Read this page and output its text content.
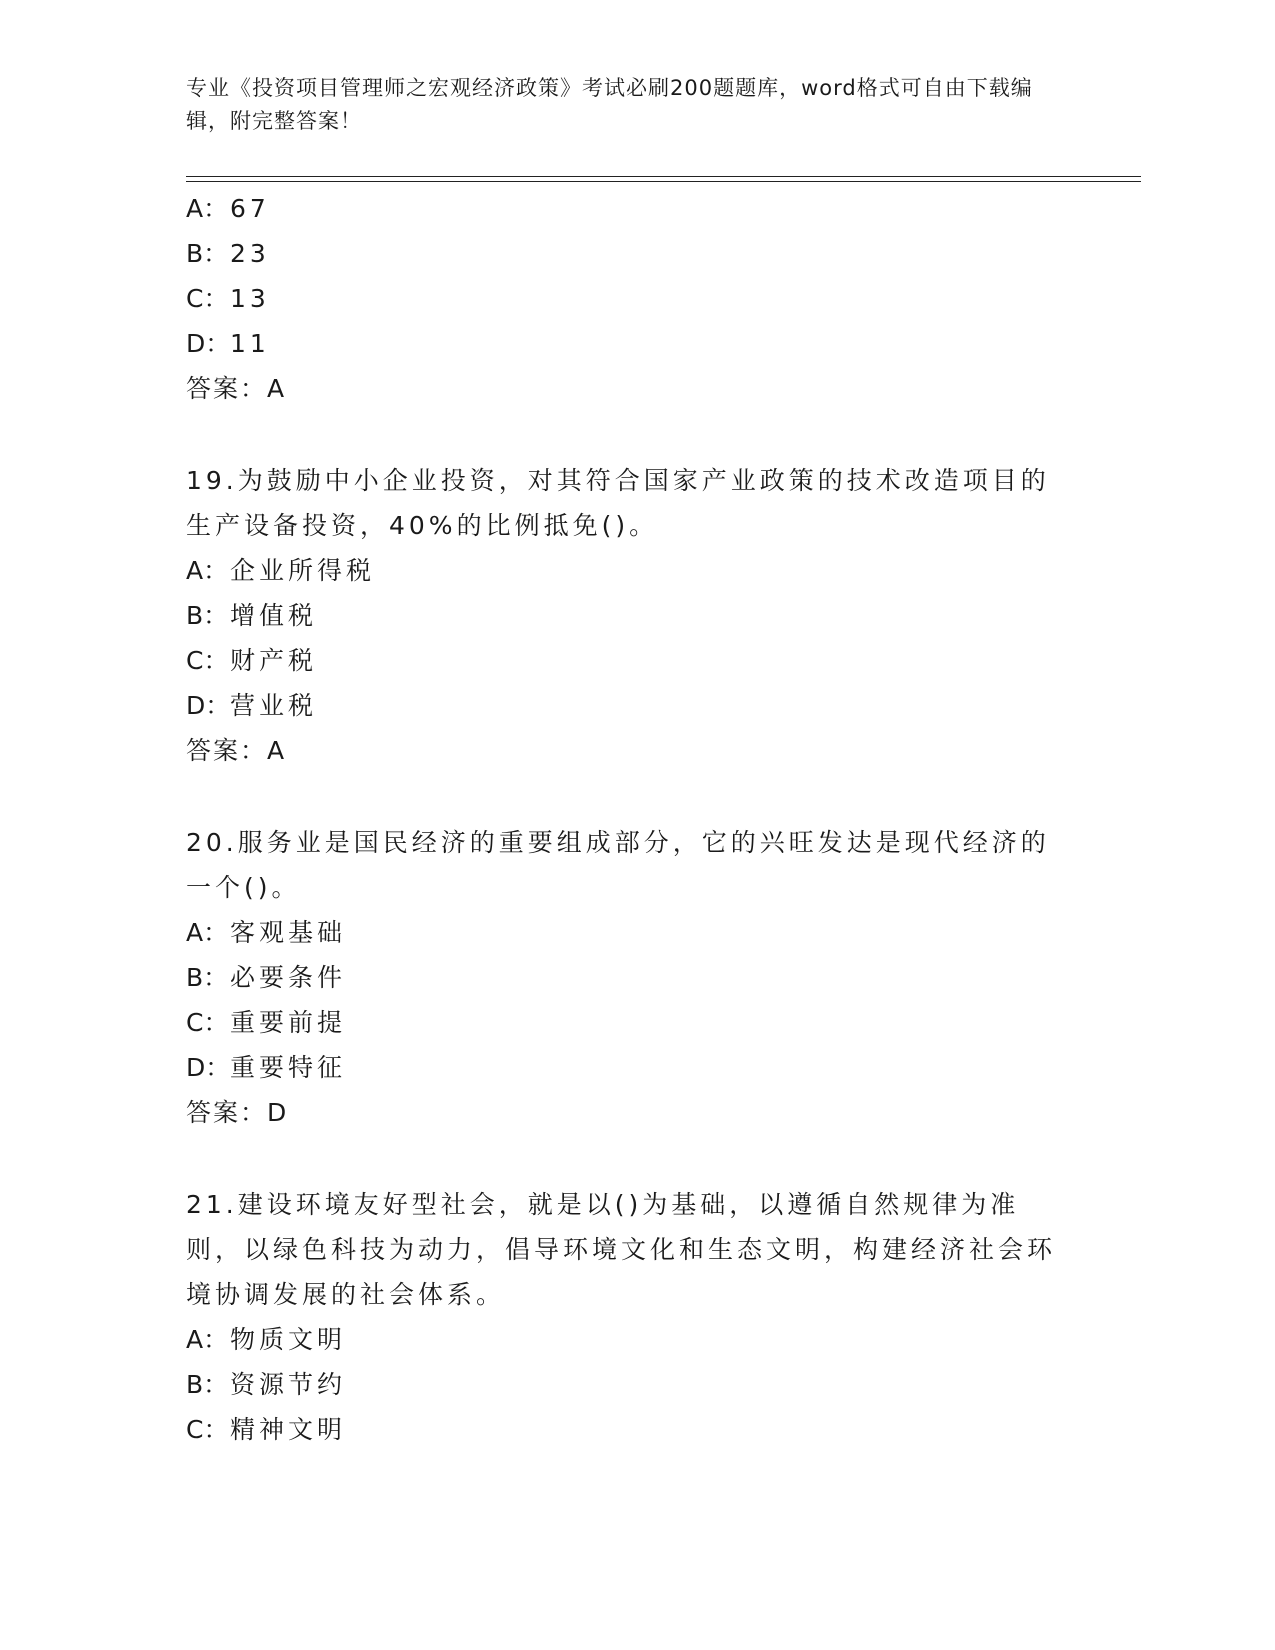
专业《投资项目管理师之宏观经济政策》考试必刷200题题库，word格式可自由下载编辑，附完整答案！
A：67
B：23
C：13
D：11
答案：A
19.为鼓励中小企业投资，对其符合国家产业政策的技术改造项目的生产设备投资，40%的比例抵免()。
A：企业所得税
B：增值税
C：财产税
D：营业税
答案：A
20.服务业是国民经济的重要组成部分，它的兴旺发达是现代经济的一个()。
A：客观基础
B：必要条件
C：重要前提
D：重要特征
答案：D
21.建设环境友好型社会，就是以()为基础，以遵循自然规律为准则，以绿色科技为动力，倡导环境文化和生态文明，构建经济社会环境协调发展的社会体系。
A：物质文明
B：资源节约
C：精神文明
